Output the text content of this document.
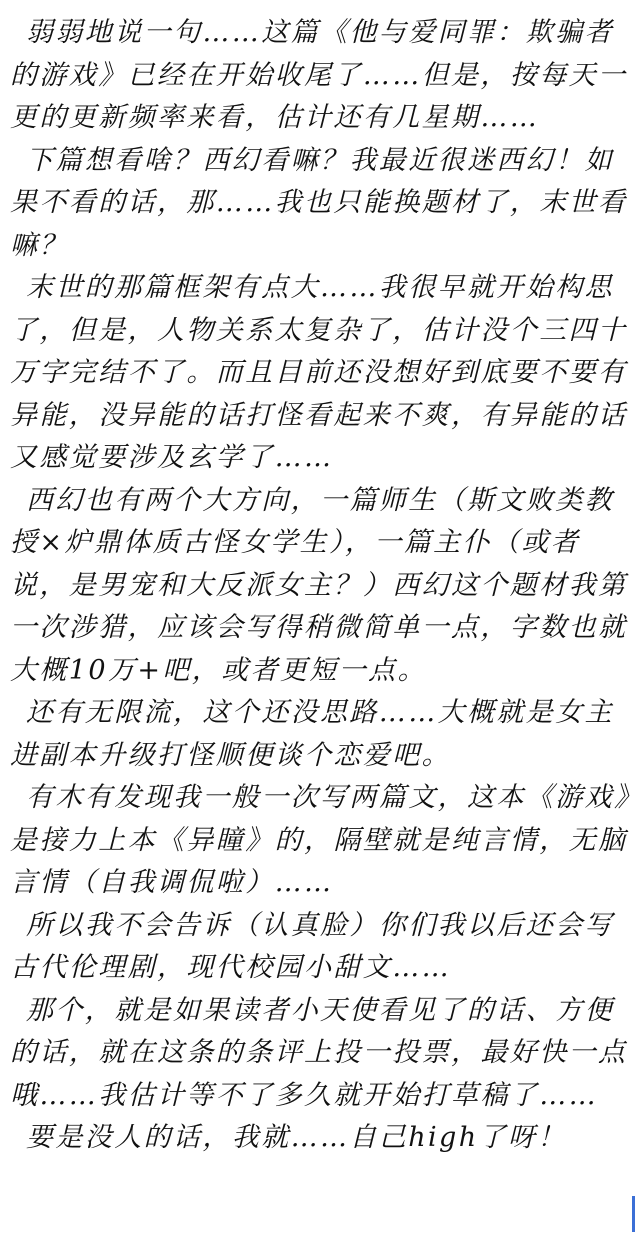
弱弱地说一句……这篇《他与爱同罪：欺骗者的游戏》已经在开始收尾了……但是，按每天一更的更新频率来看，估计还有几星期……

下篇想看啥？西幻看嘛？我最近很迷西幻！如果不看的话，那……我也只能换题材了，末世看嘛？

末世的那篇框架有点大……我很早就开始构思了，但是，人物关系太复杂了，估计没个三四十万字完结不了。而且目前还没想好到底要不要有异能，没异能的话打怪看起来不爽，有异能的话又感觉要涉及玄学了……

西幻也有两个大方向，一篇师生（斯文败类教授×炉鼎体质古怪女学生），一篇主仆（或者说，是男宠和大反派女主？）西幻这个题材我第一次涉猎，应该会写得稍微简单一点，字数也就大概10万+吧，或者更短一点。

还有无限流，这个还没思路……大概就是女主进副本升级打怪顺便谈个恋爱吧。

有木有发现我一般一次写两篇文，这本《游戏》是接力上本《异瞳》的，隔壁就是纯言情，无脑言情（自我调侃啦）……

所以我不会告诉（认真脸）你们我以后还会写古代伦理剧，现代校园小甜文……

那个，就是如果读者小天使看见了的话、方便的话，就在这条的条评上投一投票，最好快一点哦……我估计等不了多久就开始打草稿了……

要是没人的话，我就……自己high了呀！
